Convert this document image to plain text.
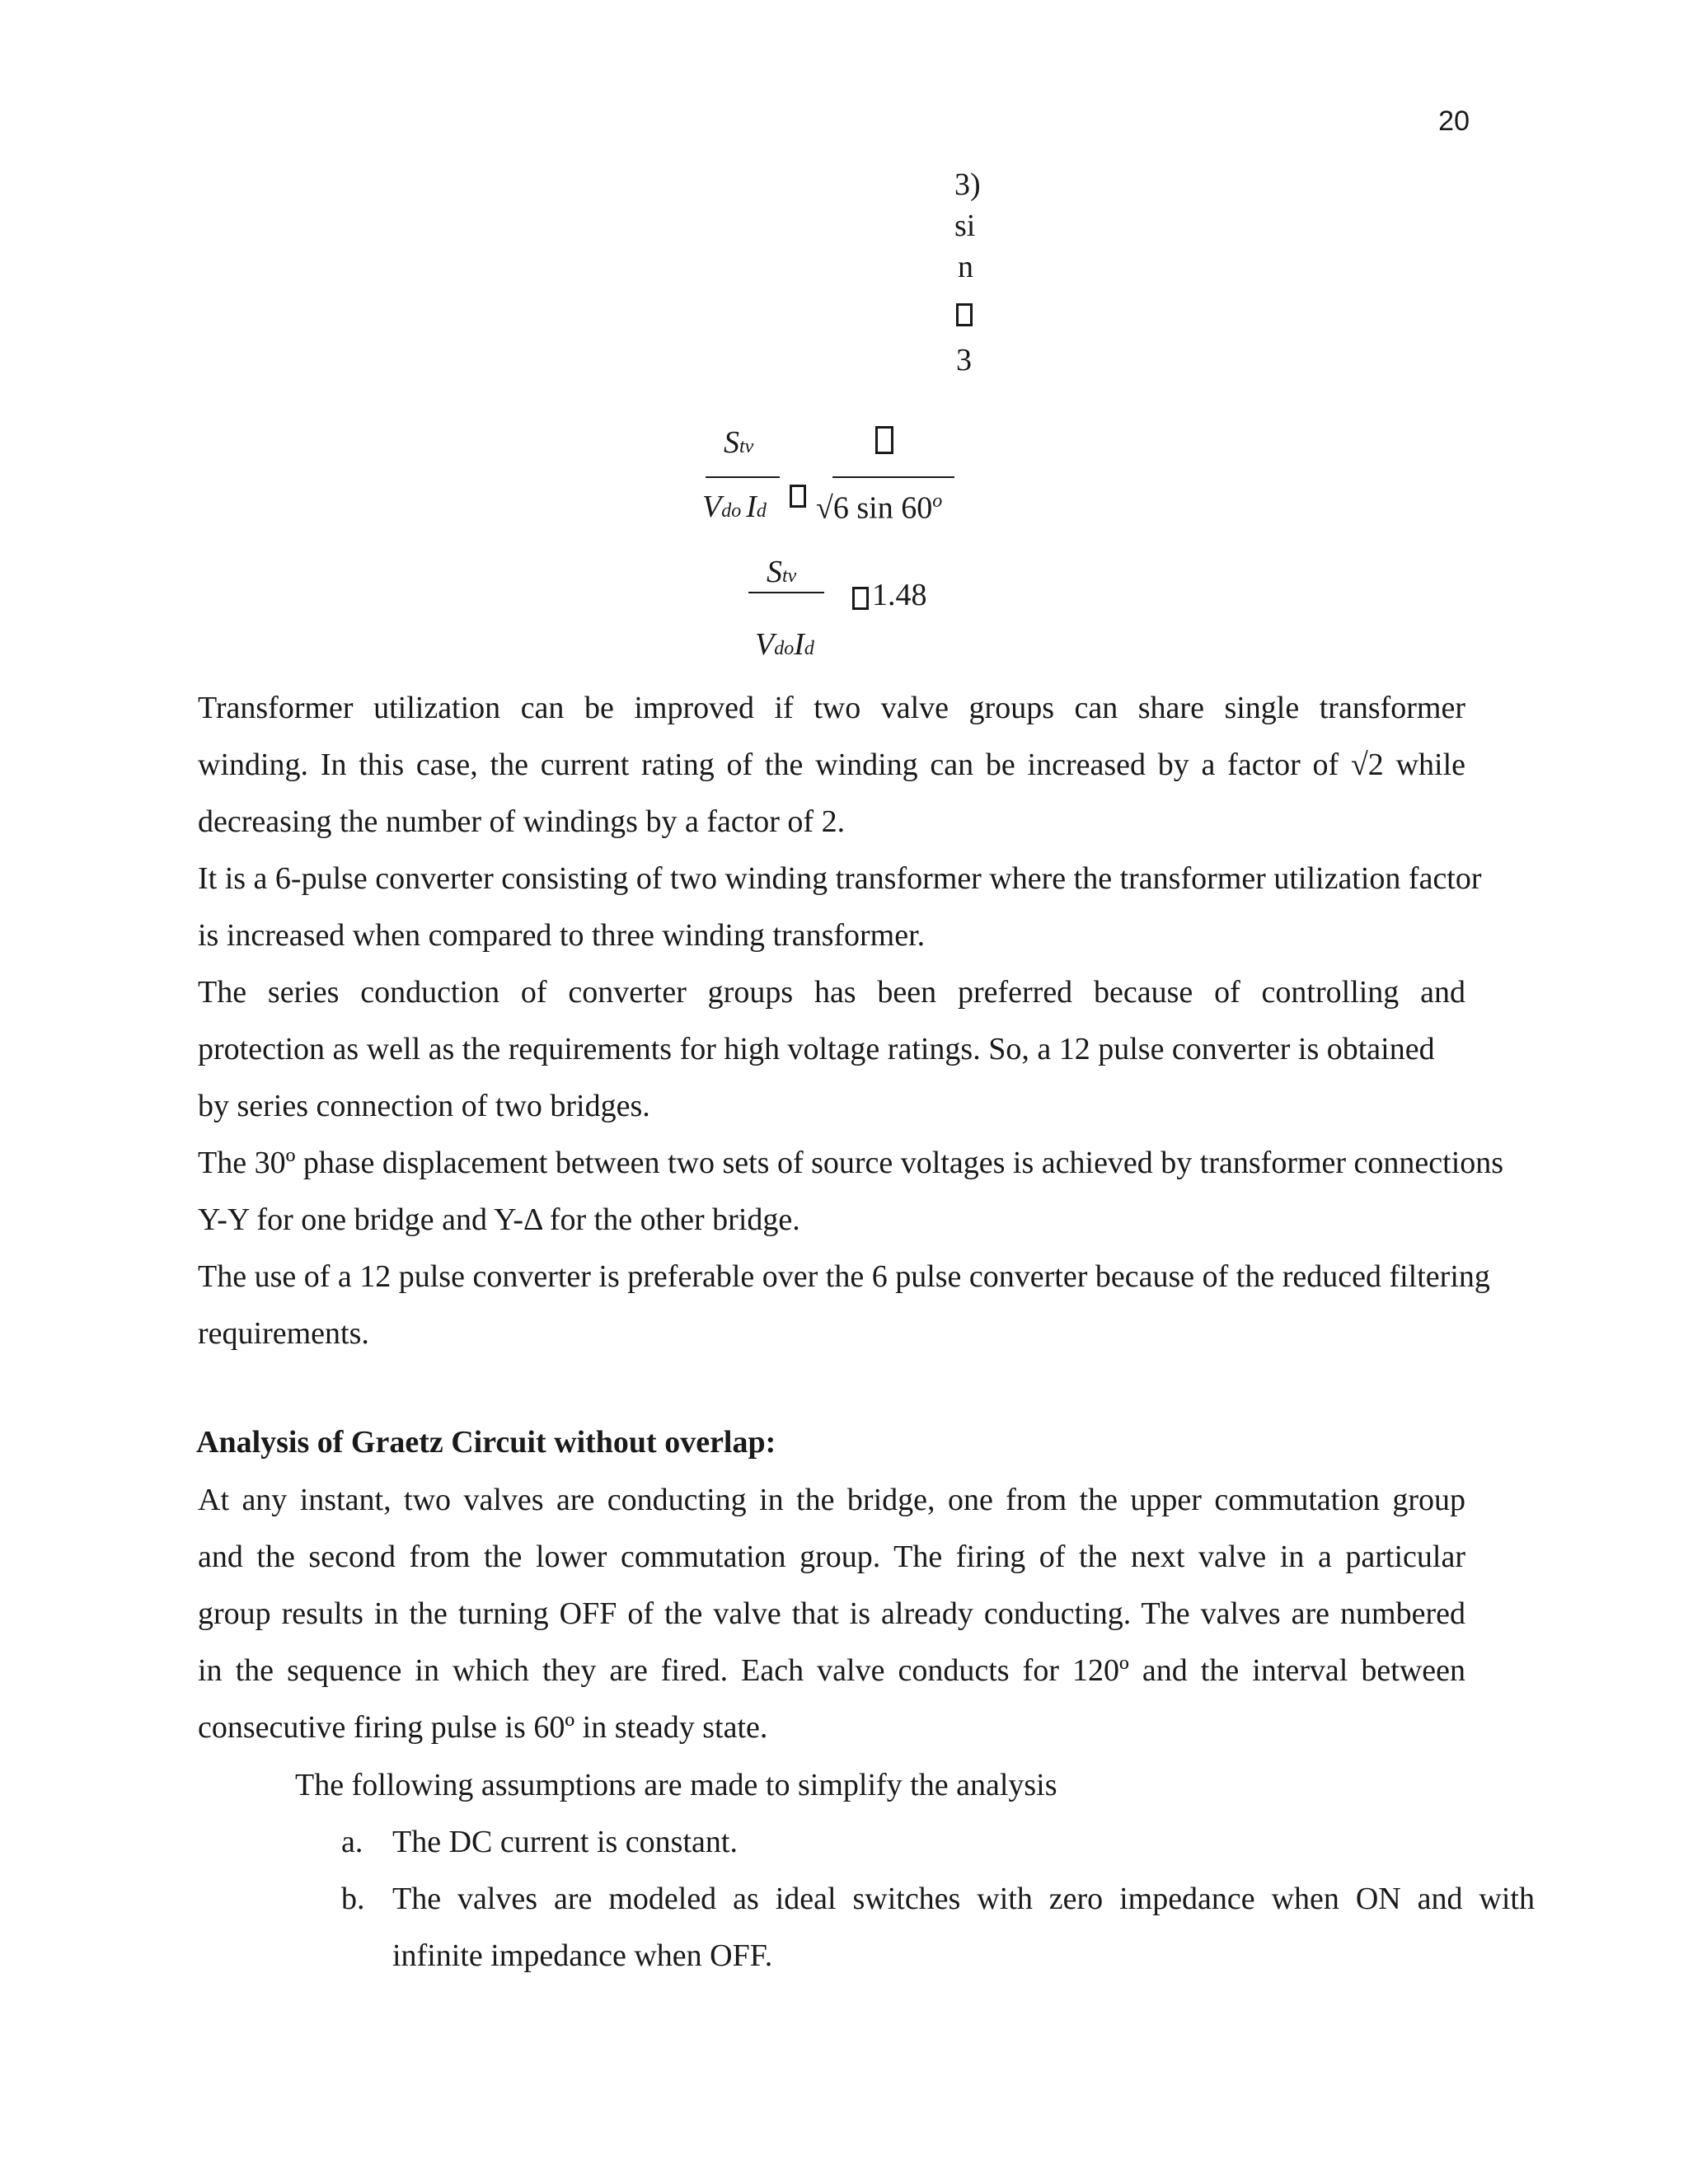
20
3)
si
n
3
Stv
Vdo Id √6 sin 60$^o$
Stv
1.48
VdoId
Transformer utilization can be improved if two valve groups can share single transformer
winding. In this case, the current rating of the winding can be increased by a factor of √2 while
decreasing the number of windings by a factor of 2.
It is a 6-pulse converter consisting of two winding transformer where the transformer utilization factor
is increased when compared to three winding transformer.
The series conduction of converter groups has been preferred because of controlling and
protection as well as the requirements for high voltage ratings. So, a 12 pulse converter is obtained
by series connection of two bridges.
The 30º phase displacement between two sets of source voltages is achieved by transformer connections
Y-Y for one bridge and Y-Δ for the other bridge.
The use of a 12 pulse converter is preferable over the 6 pulse converter because of the reduced filtering
requirements.
Analysis of Graetz Circuit without overlap:
At any instant, two valves are conducting in the bridge, one from the upper commutation group
and the second from the lower commutation group. The firing of the next valve in a particular
group results in the turning OFF of the valve that is already conducting. The valves are numbered
in the sequence in which they are fired. Each valve conducts for 120º and the interval between
consecutive firing pulse is 60º in steady state.
The following assumptions are made to simplify the analysis
a. The DC current is constant.
b. The valves are modeled as ideal switches with zero impedance when ON and with
infinite impedance when OFF.
